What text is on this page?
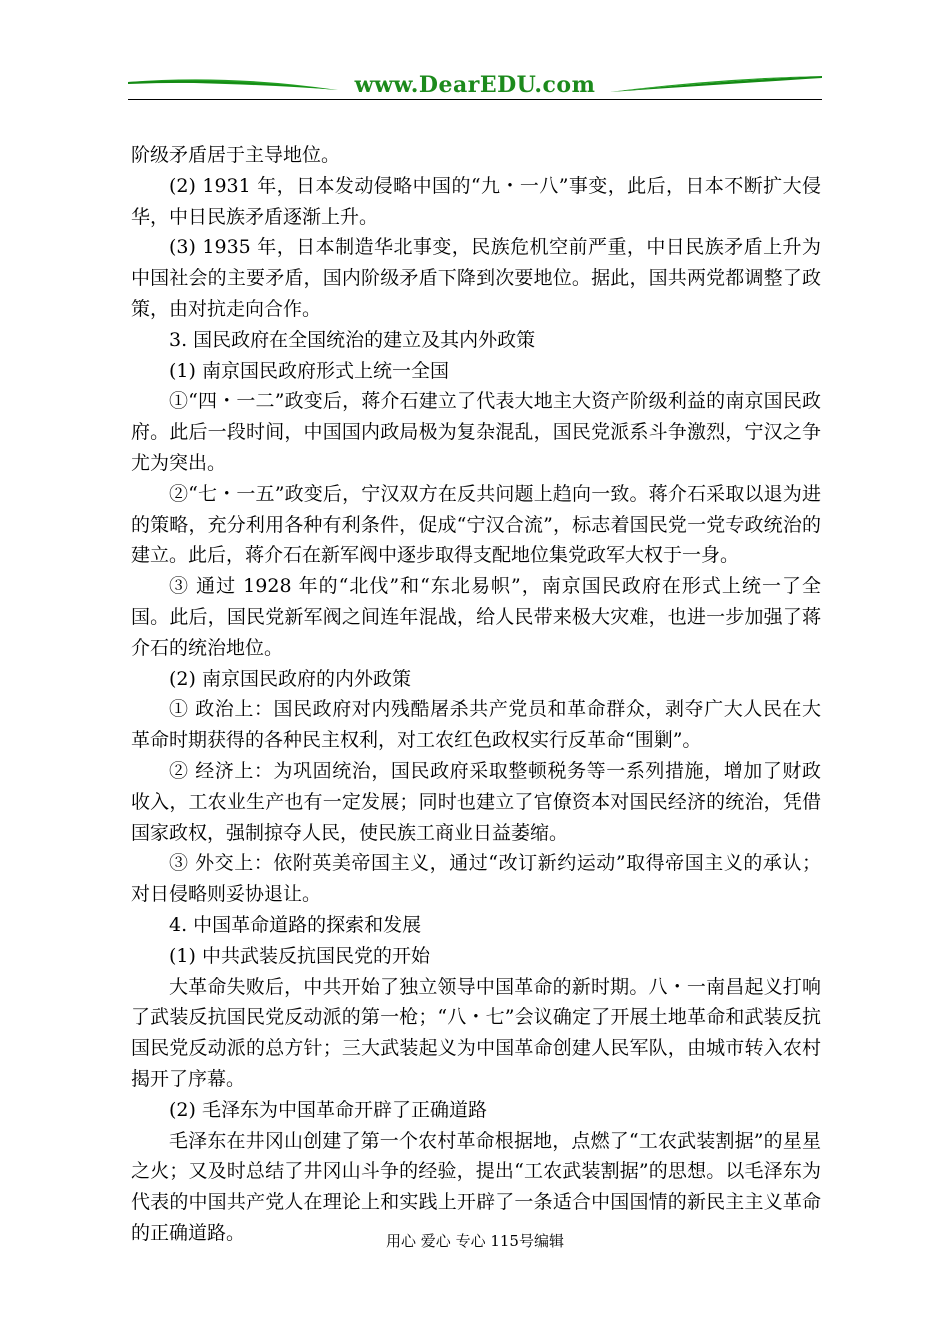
www.DearEDU.com

阶级矛盾居于主导地位。

(2) 1931 年，日本发动侵略中国的“九・一八”事变，此后，日本不断扩大侵华，中日民族矛盾逐渐上升。

(3) 1935 年，日本制造华北事变，民族危机空前严重，中日民族矛盾上升为中国社会的主要矛盾，国内阶级矛盾下降到次要地位。据此，国共两党都调整了政策，由对抗走向合作。

3. 国民政府在全国统治的建立及其内外政策

(1) 南京国民政府形式上统一全国

①“四・一二”政变后，蒋介石建立了代表大地主大资产阶级利益的南京国民政府。此后一段时间，中国国内政局极为复杂混乱，国民党派系斗争激烈，宁汉之争尤为突出。

②“七・一五”政变后，宁汉双方在反共问题上趋向一致。蒋介石采取以退为进的策略，充分利用各种有利条件，促成“宁汉合流”，标志着国民党一党专政统治的建立。此后，蒋介石在新军阀中逐步取得支配地位集党政军大权于一身。

③ 通过 1928 年的“北伐”和“东北易帜”，南京国民政府在形式上统一了全国。此后，国民党新军阀之间连年混战，给人民带来极大灾难，也进一步加强了蒋介石的统治地位。

(2) 南京国民政府的内外政策

① 政治上：国民政府对内残酷屠杀共产党员和革命群众，剥夺广大人民在大革命时期获得的各种民主权利，对工农红色政权实行反革命“围剿”。

② 经济上：为巩固统治，国民政府采取整顿税务等一系列措施，增加了财政收入，工农业生产也有一定发展；同时也建立了官僚资本对国民经济的统治，凭借国家政权，强制掠夺人民，使民族工商业日益萎缩。

③ 外交上：依附英美帝国主义，通过“改订新约运动”取得帝国主义的承认；对日侵略则妥协退让。

4. 中国革命道路的探索和发展

(1) 中共武装反抗国民党的开始

大革命失败后，中共开始了独立领导中国革命的新时期。八・一南昌起义打响了武装反抗国民党反动派的第一枪；“八・七”会议确定了开展土地革命和武装反抗国民党反动派的总方针；三大武装起义为中国革命创建人民军队，由城市转入农村揭开了序幕。

(2) 毛泽东为中国革命开辟了正确道路

毛泽东在井冈山创建了第一个农村革命根据地，点燃了“工农武装割据”的星星之火；又及时总结了井冈山斗争的经验，提出“工农武装割据”的思想。以毛泽东为代表的中国共产党人在理论上和实践上开辟了一条适合中国国情的新民主主义革命的正确道路。	用心 爱心 专心 115号编辑
